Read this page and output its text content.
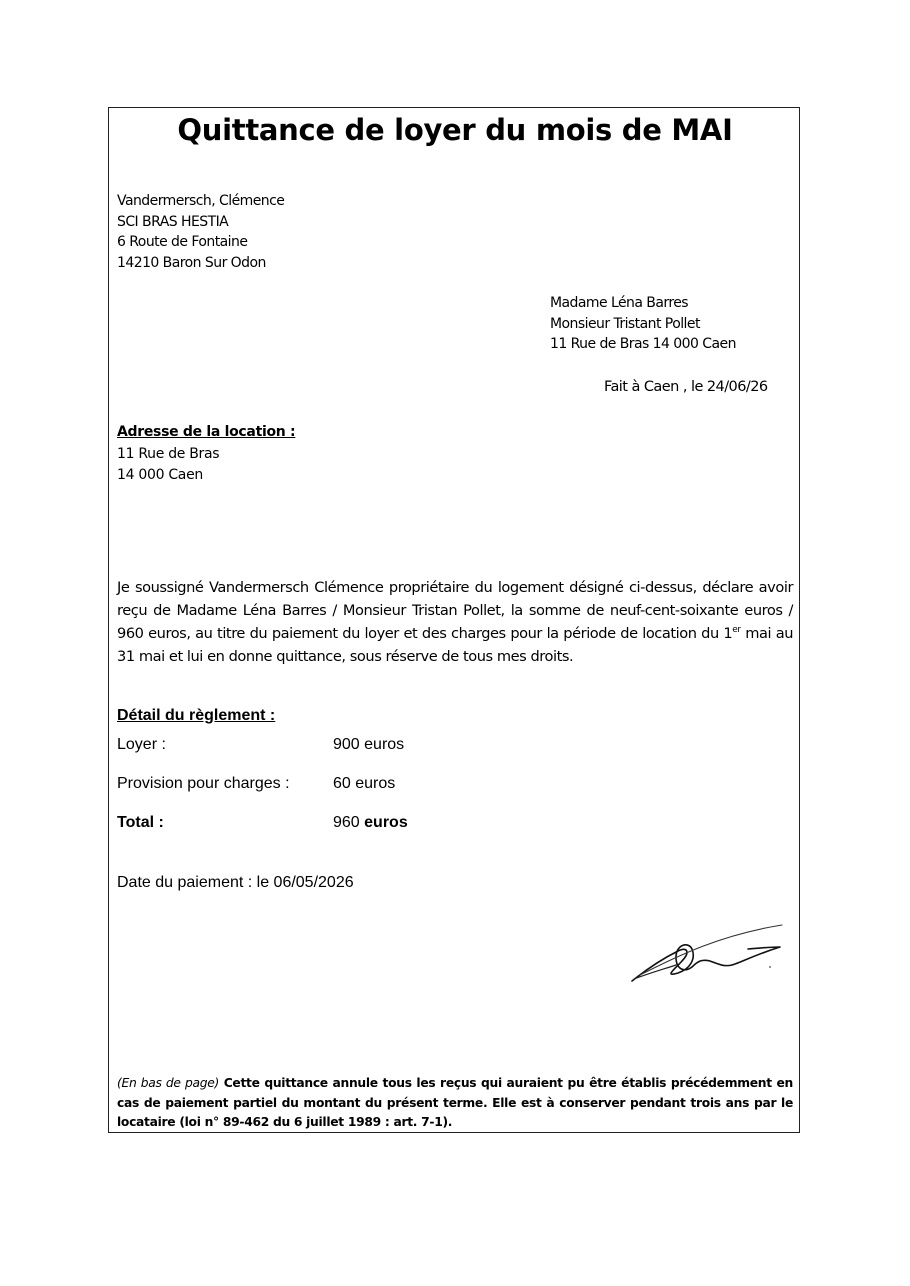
Quittance de loyer du mois de MAI
Vandermersch, Clémence
SCI BRAS HESTIA
6 Route de Fontaine
14210 Baron Sur Odon
Madame Léna Barres
Monsieur Tristant Pollet
11 Rue de Bras 14 000 Caen
Fait à Caen , le 24/06/26
Adresse de la location :
11 Rue de Bras
14 000 Caen
Je soussigné Vandermersch Clémence propriétaire du logement désigné ci-dessus, déclare avoir reçu de Madame Léna Barres / Monsieur Tristan Pollet, la somme de neuf-cent-soixante euros / 960 euros, au titre du paiement du loyer et des charges pour la période de location du 1er mai au 31 mai et lui en donne quittance, sous réserve de tous mes droits.
Détail du règlement :
Loyer :	900 euros
Provision pour charges :	60 euros
Total :	960 euros
Date du paiement : le 06/05/2026
(En bas de page) Cette quittance annule tous les reçus qui auraient pu être établis précédemment en cas de paiement partiel du montant du présent terme. Elle est à conserver pendant trois ans par le locataire (loi n° 89-462 du 6 juillet 1989 : art. 7-1).
